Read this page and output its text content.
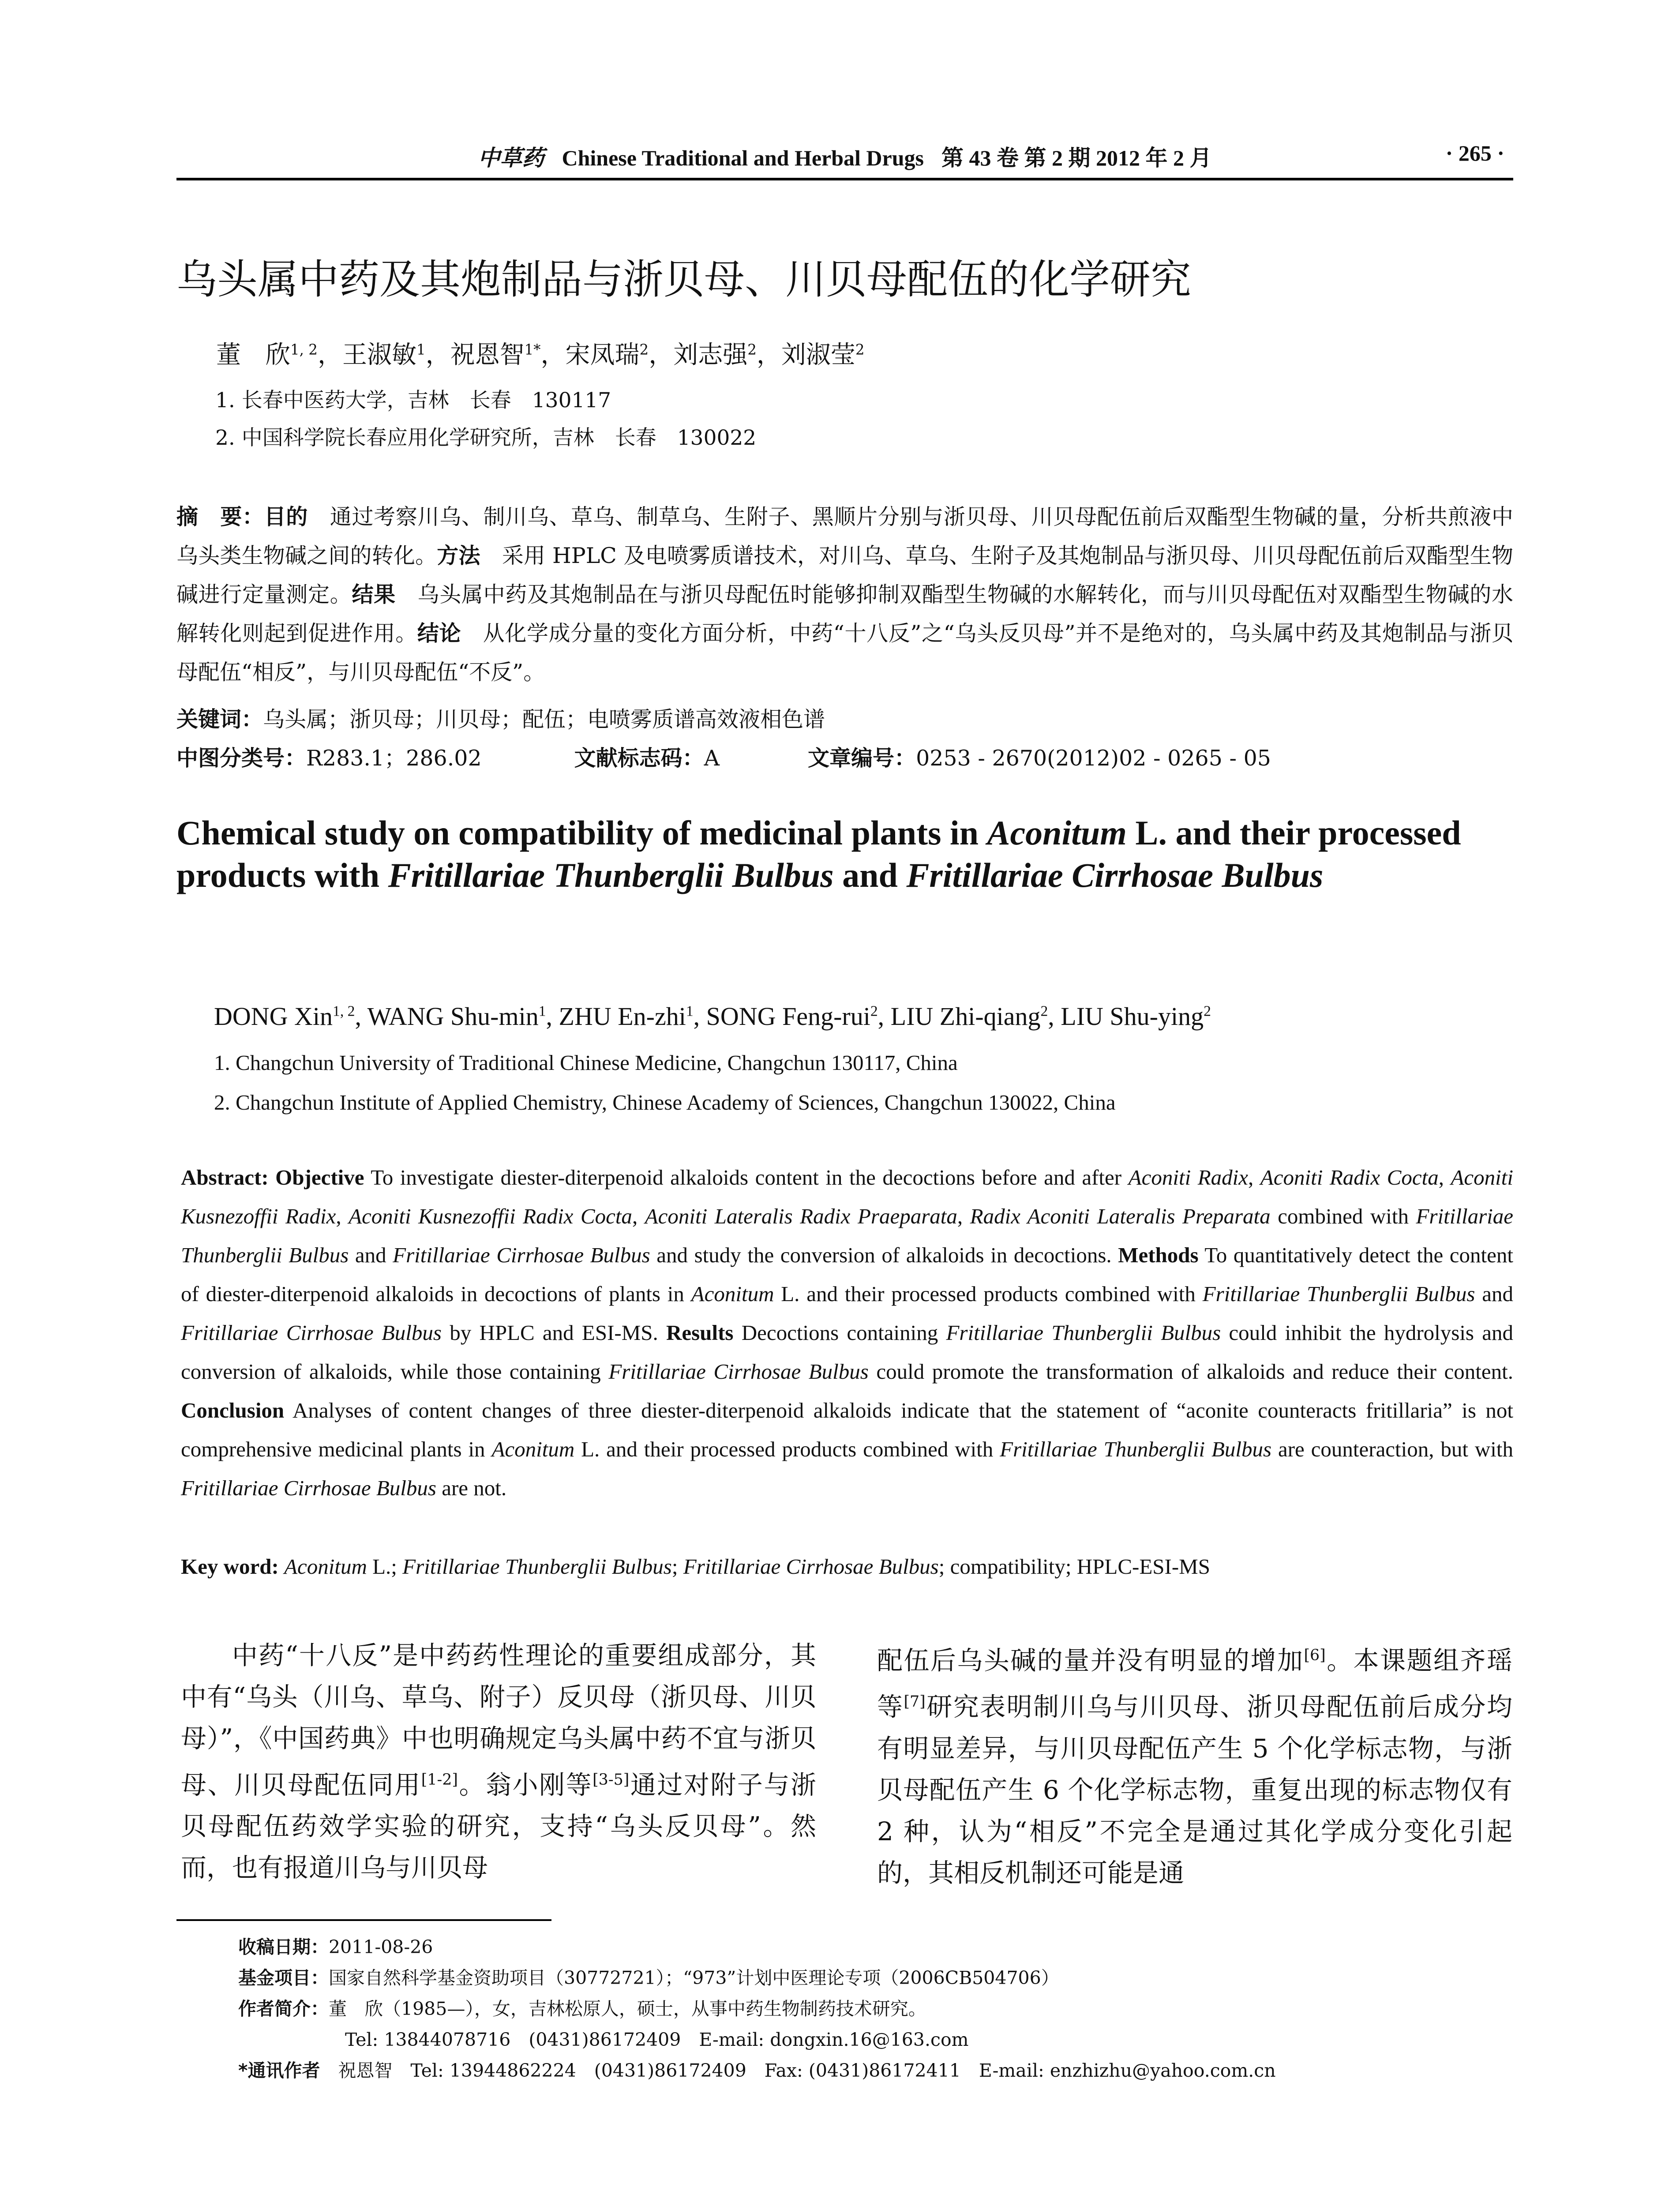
中草药 Chinese Traditional and Herbal Drugs 第 43 卷 第 2 期 2012 年 2 月	· 265 ·
乌头属中药及其炮制品与浙贝母、川贝母配伍的化学研究
董　欣$^{1, 2}$，王淑敏$^1$，祝恩智$^{1*}$，宋凤瑞$^2$，刘志强$^2$，刘淑莹$^2$
1. 长春中医药大学，吉林　长春　130117
2. 中国科学院长春应用化学研究所，吉林　长春　130022
摘　要：目的　 通过考察川乌、制川乌、草乌、制草乌、生附子、黑顺片分别与浙贝母、川贝母配伍前后双酯型生物碱的量，分析共煎液中乌头类生物碱之间的转化。方法　 采用 HPLC 及电喷雾质谱技术，对川乌、草乌、生附子及其炮制品与浙贝母、川贝母配伍前后双酯型生物碱进行定量测定。结果　 乌头属中药及其炮制品在与浙贝母配伍时能够抑制双酯型生物碱的水解转化，而与川贝母配伍对双酯型生物碱的水解转化则起到促进作用。结论　 从化学成分量的变化方面分析，中药“十八反”之“乌头反贝母”并不是绝对的，乌头属中药及其炮制品与浙贝母配伍“相反”，与川贝母配伍“不反”。
关键词：乌头属；浙贝母；川贝母；配伍；电喷雾质谱高效液相色谱
中图分类号：R283.1；286.02	文献标志码：A	文章编号：0253 - 2670(2012)02 - 0265 - 05
Chemical study on compatibility of medicinal plants in Aconitum L. and their processed products with Fritillariae Thunberglii Bulbus and Fritillariae Cirrhosae Bulbus
DONG Xin$^{1, 2}$, WANG Shu-$\min^1$, ZHU En-zhi$^1$, SONG Feng-rui$^2$, LIU Zhi-qiang$^2$, LIU Shu-ying$^2$
1. Changchun University of Traditional Chinese Medicine, Changchun 130117, China
2. Changchun Institute of Applied Chemistry, Chinese Academy of Sciences, Changchun 130022, China
Abstract: Objective To investigate diester-diterpenoid alkaloids content in the decoctions before and after Aconiti Radix, Aconiti Radix Cocta, Aconiti Kusnezoffii Radix, Aconiti Kusnezoffii Radix Cocta, Aconiti Lateralis Radix Praeparata, Radix Aconiti Lateralis Preparata combined with Fritillariae Thunberglii Bulbus and Fritillariae Cirrhosae Bulbus and study the conversion of alkaloids in decoctions. Methods To quantitatively detect the content of diester-diterpenoid alkaloids in decoctions of plants in Aconitum L. and their processed products combined with Fritillariae Thunberglii Bulbus and Fritillariae Cirrhosae Bulbus by HPLC and ESI-MS. Results Decoctions containing Fritillariae Thunberglii Bulbus could inhibit the hydrolysis and conversion of alkaloids, while those containing Fritillariae Cirrhosae Bulbus could promote the transformation of alkaloids and reduce their content. Conclusion Analyses of content changes of three diester-diterpenoid alkaloids indicate that the statement of “aconite counteracts fritillaria” is not comprehensive medicinal plants in Aconitum L. and their processed products combined with Fritillariae Thunberglii Bulbus are counteraction, but with Fritillariae Cirrhosae Bulbus are not.
Key word: Aconitum L.; Fritillariae Thunberglii Bulbus; Fritillariae Cirrhosae Bulbus; compatibility; HPLC-ESI-MS
中药“十八反”是中药药性理论的重要组成部分，其中有“乌头（川乌、草乌、附子）反贝母（浙贝母、川贝母）”，《中国药典》中也明确规定乌头属中药不宜与浙贝母、川贝母配伍同用[1-2]。翁小刚等[3-5]通过对附子与浙贝母配伍药效学实验的研究，支持“乌头反贝母”。然而，也有报道川乌与川贝母
配伍后乌头碱的量并没有明显的增加[6]。本课题组齐瑶等[7]研究表明制川乌与川贝母、浙贝母配伍前后成分均有明显差异，与川贝母配伍产生 5 个化学标志物，与浙贝母配伍产生 6 个化学标志物，重复出现的标志物仅有 2 种，认为“相反”不完全是通过其化学成分变化引起的，其相反机制还可能是通
收稿日期：2011-08-26
基金项目：国家自然科学基金资助项目（30772721）；“973”计划中医理论专项（2006CB504706）
作者简介：董　欣（1985—），女，吉林松原人，硕士，从事中药生物制药技术研究。
Tel: 13844078716　(0431)86172409　E-mail: dongxin.16@163.com
*通讯作者　 祝恩智　Tel: 13944862224　(0431)86172409　Fax: (0431)86172411　E-mail: enzhizhu@yahoo.com.cn
